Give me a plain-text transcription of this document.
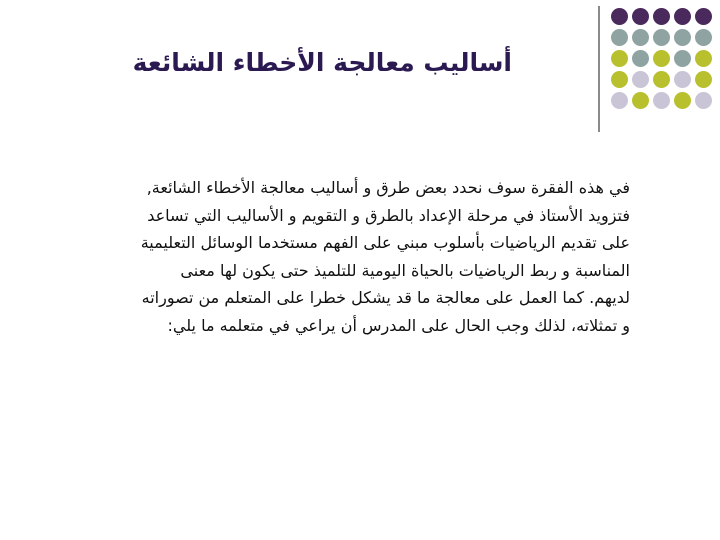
أساليب معالجة الأخطاء الشائعة
في هذه الفقرة سوف نحدد بعض طرق و أساليب معالجة الأخطاء الشائعة,
فتزويد الأستاذ في مرحلة الإعداد بالطرق و التقويم و الأساليب التي تساعد
على تقديم الرياضيات بأسلوب مبني على الفهم مستخدما الوسائل التعليمية
المناسبة و ربط الرياضيات بالحياة اليومية للتلميذ حتى يكون لها معنى
لديهم. كما العمل على معالجة ما قد يشكل خطرا على المتعلم من تصوراته
و تمثلاته، لذلك وجب الحال على المدرس أن يراعي في متعلمه ما يلي:
